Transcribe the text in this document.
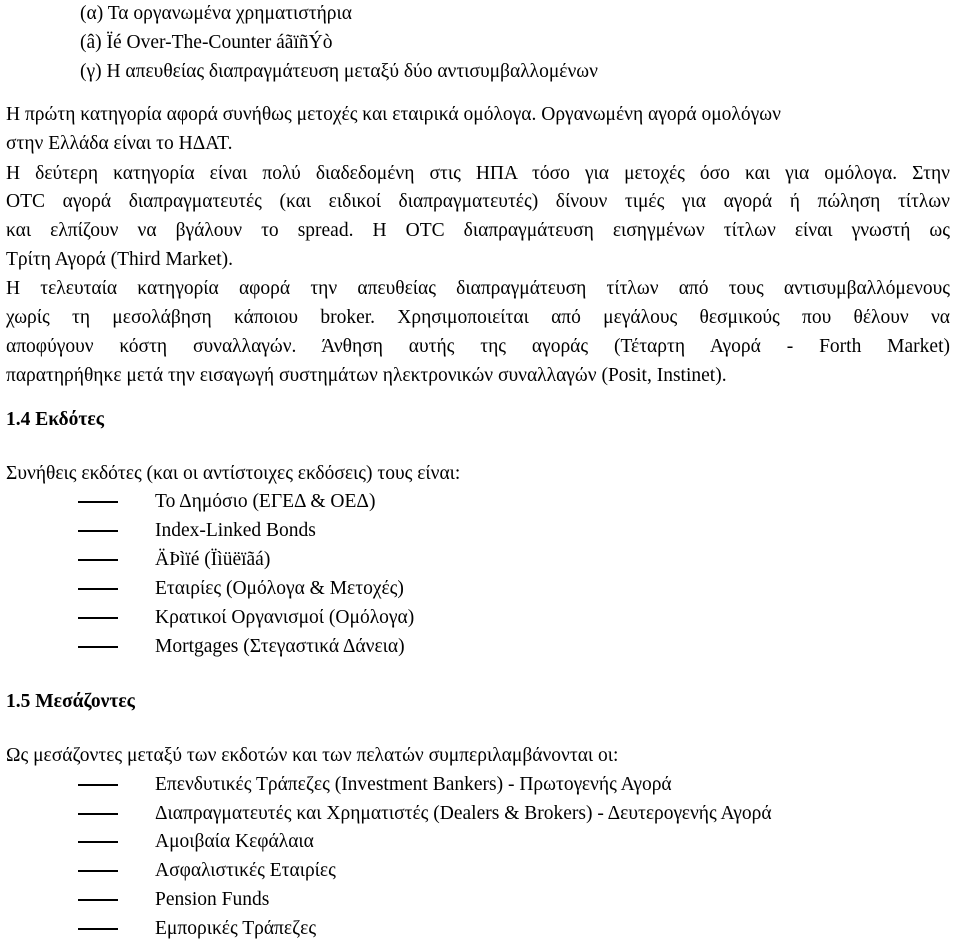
(α) Τα οργανωμένα χρηματιστήρια
(â) Ïé Over-The-Counter áãïñÝò
(γ) Η απευθείας διαπραγμάτευση μεταξύ δύο αντισυμβαλλομένων
Η πρώτη κατηγορία αφορά συνήθως μετοχές και εταιρικά ομόλογα. Οργανωμένη αγορά ομολόγων
στην Ελλάδα είναι το ΗΔΑΤ.
Η δεύτερη κατηγορία είναι πολύ διαδεδομένη στις ΗΠΑ τόσο για μετοχές όσο και για ομόλογα. Στην
OTC αγορά διαπραγματευτές (και ειδικοί διαπραγματευτές) δίνουν τιμές για αγορά ή πώληση τίτλων
και ελπίζουν να βγάλουν το spread. Η OTC διαπραγμάτευση εισηγμένων τίτλων είναι γνωστή ως
Τρίτη Αγορά (Third Market).
Η τελευταία κατηγορία αφορά την απευθείας διαπραγμάτευση τίτλων από τους αντισυμβαλλόμενους
χωρίς τη μεσολάβηση κάποιου broker. Χρησιμοποιείται από μεγάλους θεσμικούς που θέλουν να
αποφύγουν κόστη συναλλαγών. Άνθηση αυτής της αγοράς (Τέταρτη Αγορά - Forth Market)
παρατηρήθηκε μετά την εισαγωγή συστημάτων ηλεκτρονικών συναλλαγών (Posit, Instinet).
1.4 Εκδότες
Συνήθεις εκδότες (και οι αντίστοιχες εκδόσεις) τους είναι:
Το Δημόσιο (ΕΓΕΔ & ΟΕΔ)
Index-Linked Bonds
ÄÞìïé (Ïìüëïãá)
Εταιρίες (Ομόλογα & Μετοχές)
Κρατικοί Οργανισμοί (Ομόλογα)
Mortgages (Στεγαστικά Δάνεια)
1.5 Μεσάζοντες
Ως μεσάζοντες μεταξύ των εκδοτών και των πελατών συμπεριλαμβάνονται οι:
Επενδυτικές Τράπεζες (Investment Bankers) - Πρωτογενής Αγορά
Διαπραγματευτές και Χρηματιστές (Dealers & Brokers) - Δευτερογενής Αγορά
Αμοιβαία Κεφάλαια
Ασφαλιστικές Εταιρίες
Pension Funds
Εμπορικές Τράπεζες
